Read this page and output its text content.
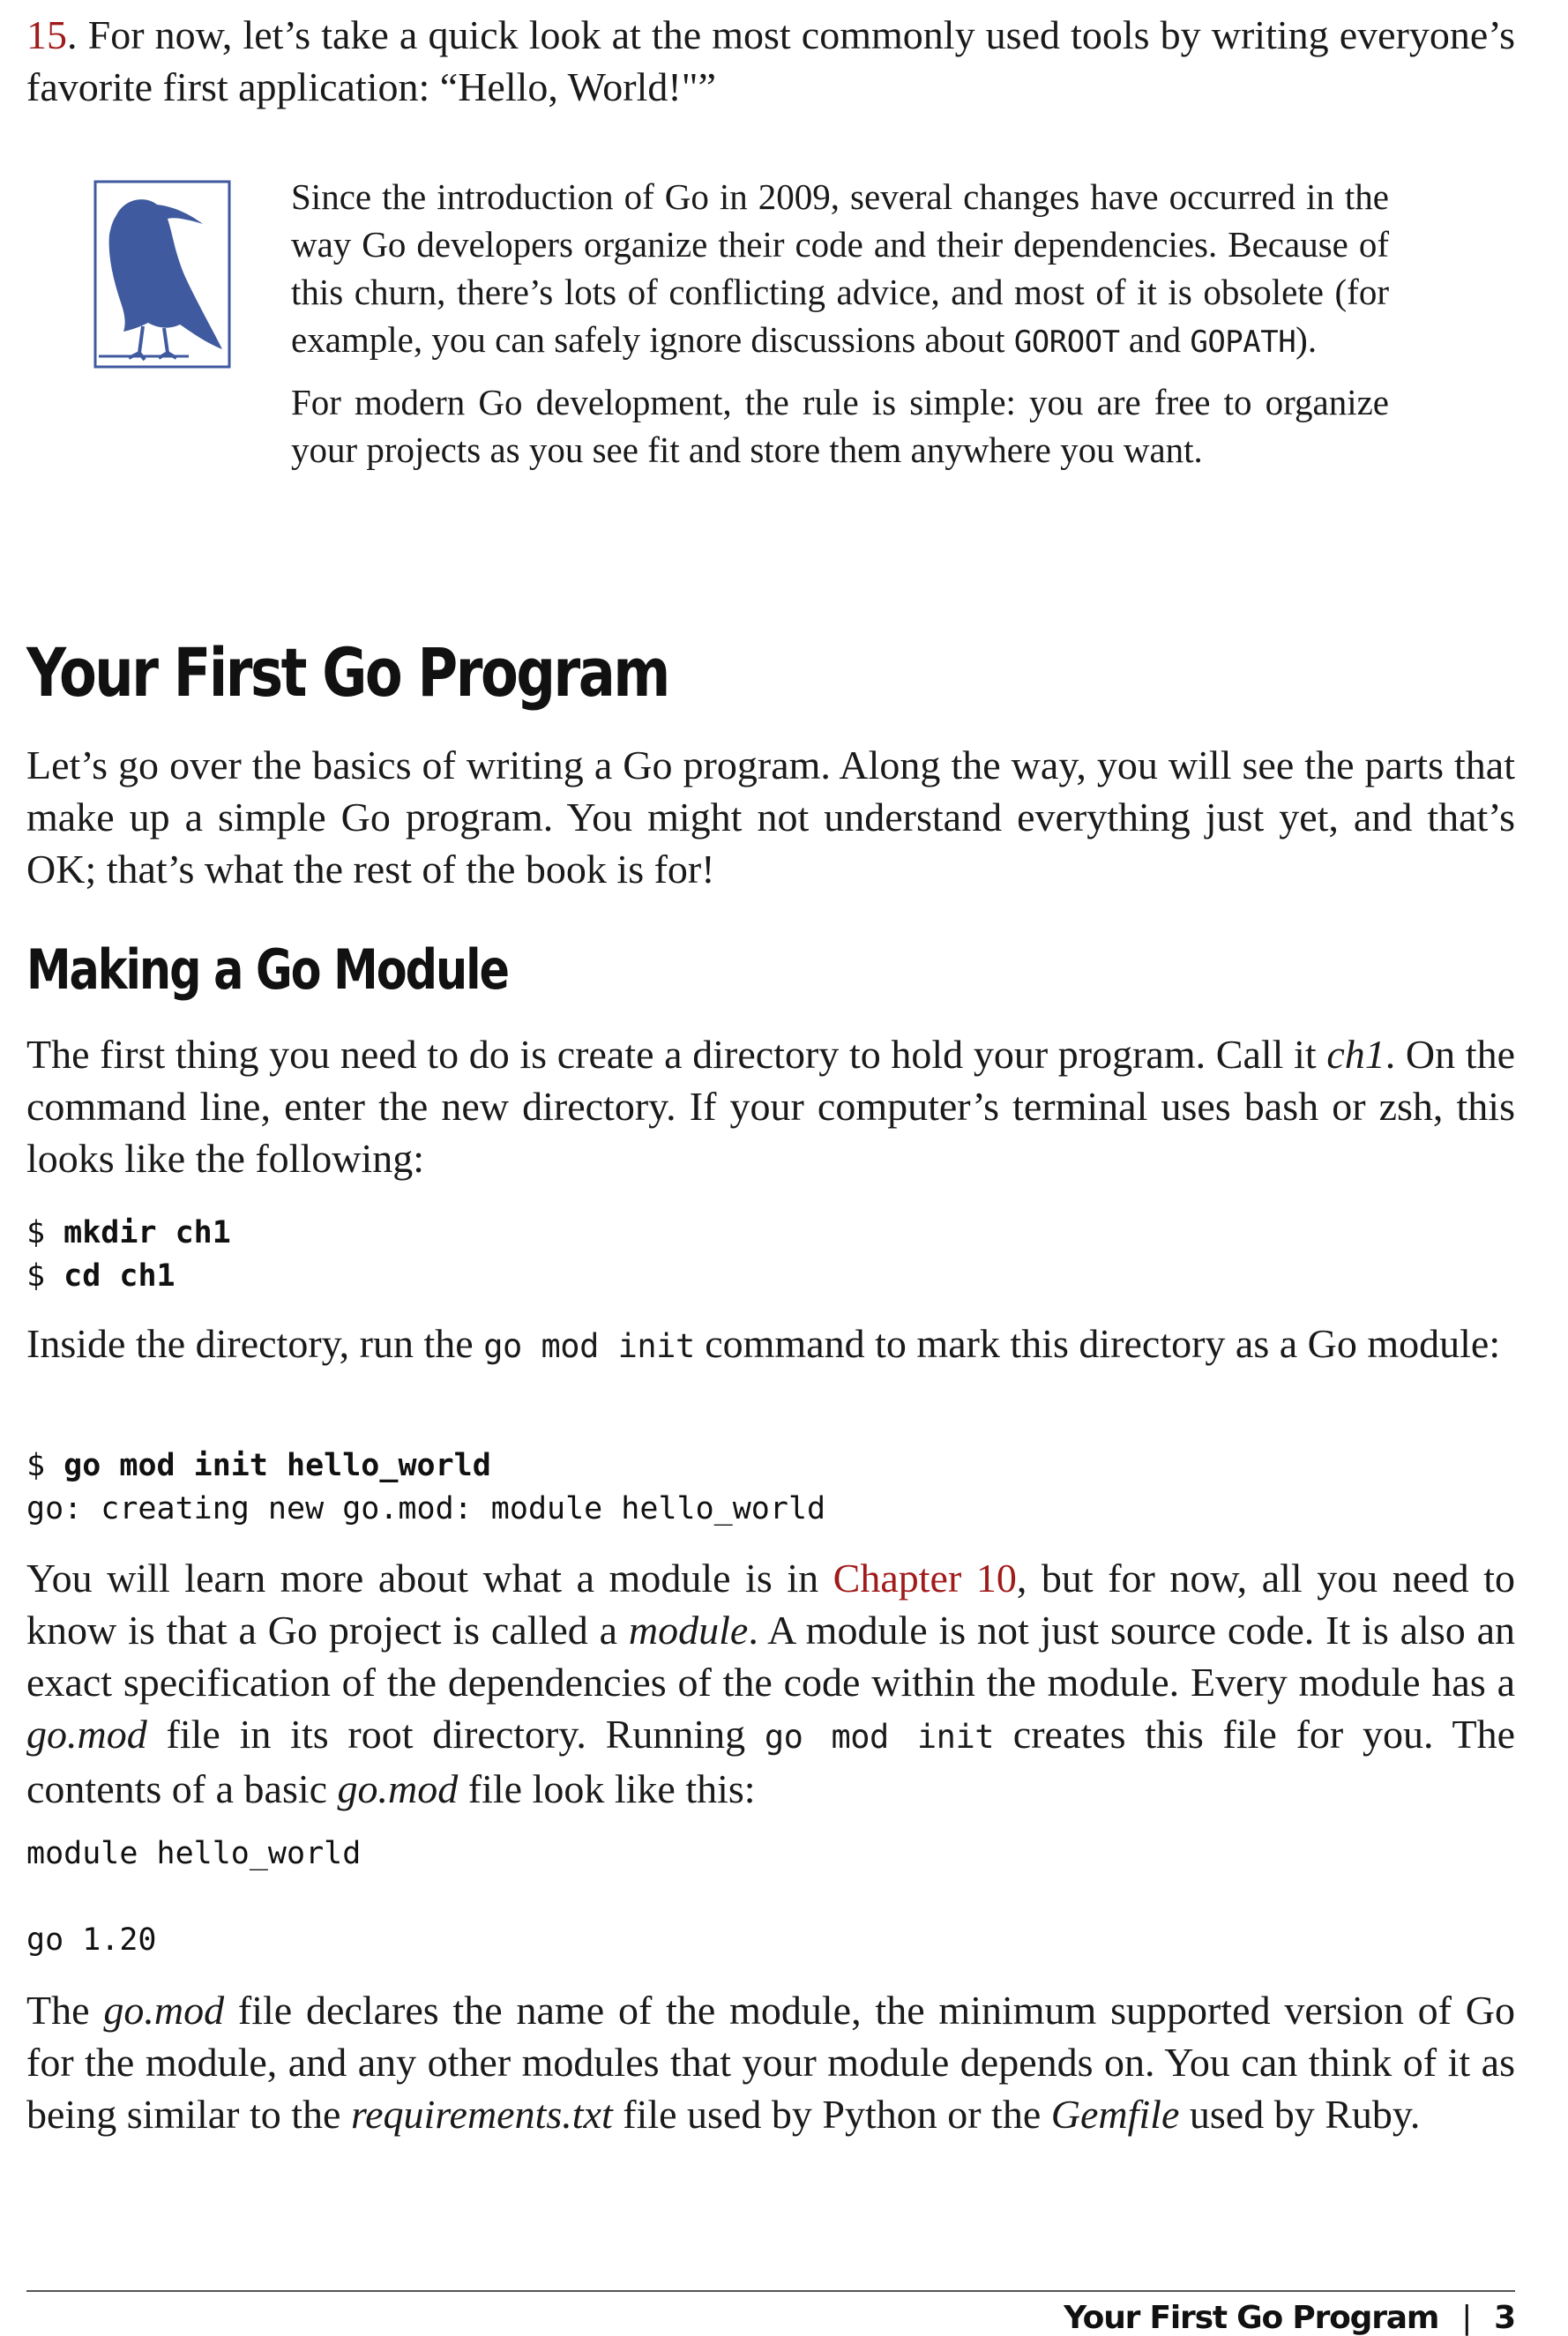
15. For now, let’s take a quick look at the most commonly used tools by writing everyone’s favorite first application: “Hello, World!"”

Since the introduction of Go in 2009, several changes have occurred in the way Go developers organize their code and their dependencies. Because of this churn, there’s lots of conflicting advice, and most of it is obsolete (for example, you can safely ignore discussions about GOROOT and GOPATH).

For modern Go development, the rule is simple: you are free to organize your projects as you see fit and store them anywhere you want.

Your First Go Program

Let’s go over the basics of writing a Go program. Along the way, you will see the parts that make up a simple Go program. You might not understand everything just yet, and that’s OK; that’s what the rest of the book is for!

Making a Go Module

The first thing you need to do is create a directory to hold your program. Call it ch1. On the command line, enter the new directory. If your computer’s terminal uses bash or zsh, this looks like the following:

$ mkdir ch1
$ cd ch1

Inside the directory, run the go mod init command to mark this directory as a Go module:

$ go mod init hello_world
go: creating new go.mod: module hello_world

You will learn more about what a module is in Chapter 10, but for now, all you need to know is that a Go project is called a module. A module is not just source code. It is also an exact specification of the dependencies of the code within the module. Every module has a go.mod file in its root directory. Running go mod init creates this file for you. The contents of a basic go.mod file look like this:

module hello_world

go 1.20

The go.mod file declares the name of the module, the minimum supported version of Go for the module, and any other modules that your module depends on. You can think of it as being similar to the requirements.txt file used by Python or the Gemfile used by Ruby.

Your First Go Program | 3
